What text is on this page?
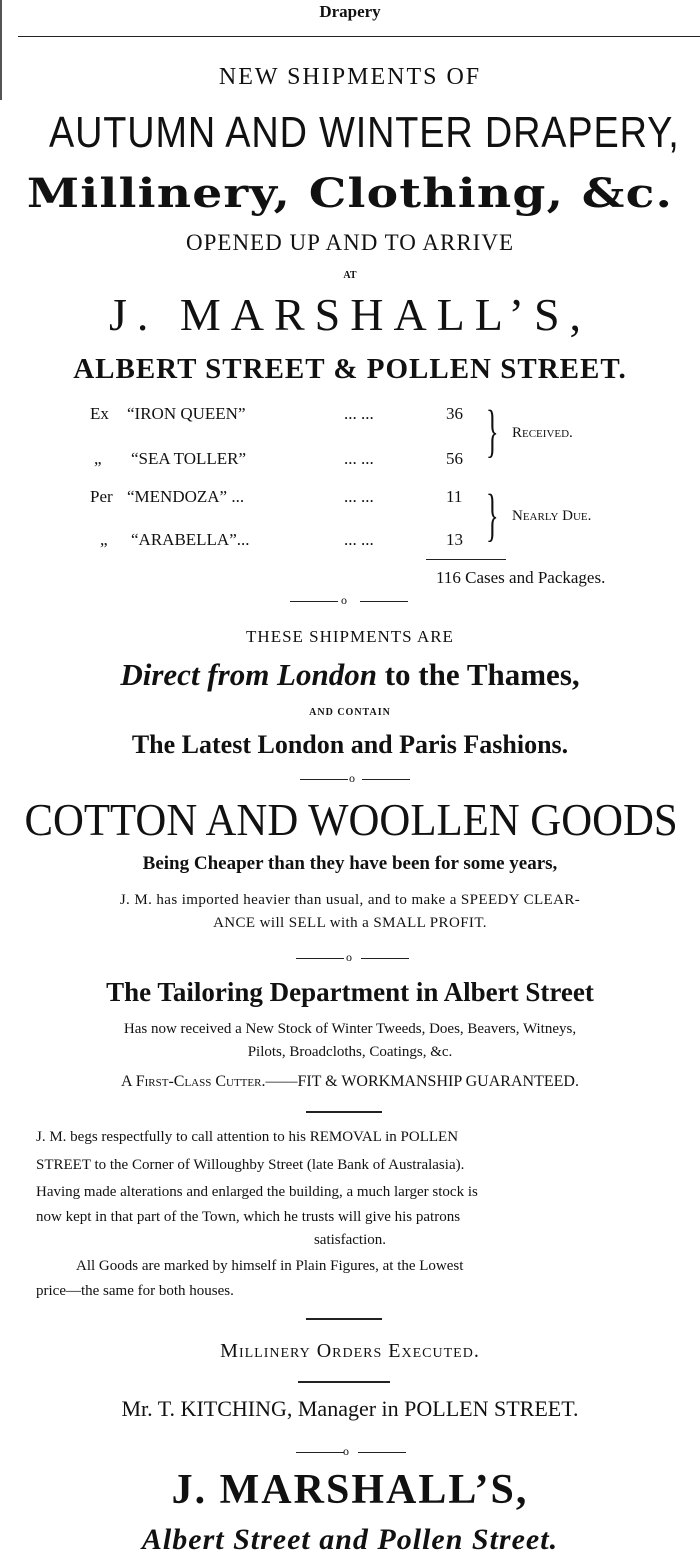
Drapery
NEW SHIPMENTS OF
AUTUMN AND WINTER DRAPERY,
Millinery, Clothing, &c.
OPENED UP AND TO ARRIVE
AT
J. MARSHALL’S,
ALBERT STREET & POLLEN STREET.
Ex “IRON QUEEN”	... ...	36
„ “SEA TOLLER”	... ...	56
Per “MENDOZA” ...	... ...	11
„ “ARABELLA”...	... ...	13
} Received.
} Nearly Due.
116 Cases and Packages.
o
THESE SHIPMENTS ARE
Direct from London to the Thames,
AND CONTAIN
The Latest London and Paris Fashions.
o
COTTON AND WOOLLEN GOODS
Being Cheaper than they have been for some years,
J. M. has imported heavier than usual, and to make a SPEEDY CLEAR-
ANCE will SELL with a SMALL PROFIT.
o
The Tailoring Department in Albert Street
Has now received a New Stock of Winter Tweeds, Does, Beavers, Witneys,
Pilots, Broadcloths, Coatings, &c.
A First-Class Cutter.——FIT & WORKMANSHIP GUARANTEED.
J. M. begs respectfully to call attention to his REMOVAL in POLLEN
STREET to the Corner of Willoughby Street (late Bank of Australasia).
Having made alterations and enlarged the building, a much larger stock is
now kept in that part of the Town, which he trusts will give his patrons
satisfaction.
All Goods are marked by himself in Plain Figures, at the Lowest
price—the same for both houses.
Millinery Orders Executed.
Mr. T. KITCHING, Manager in POLLEN STREET.
o
J. MARSHALL’S,
Albert Street and Pollen Street.
